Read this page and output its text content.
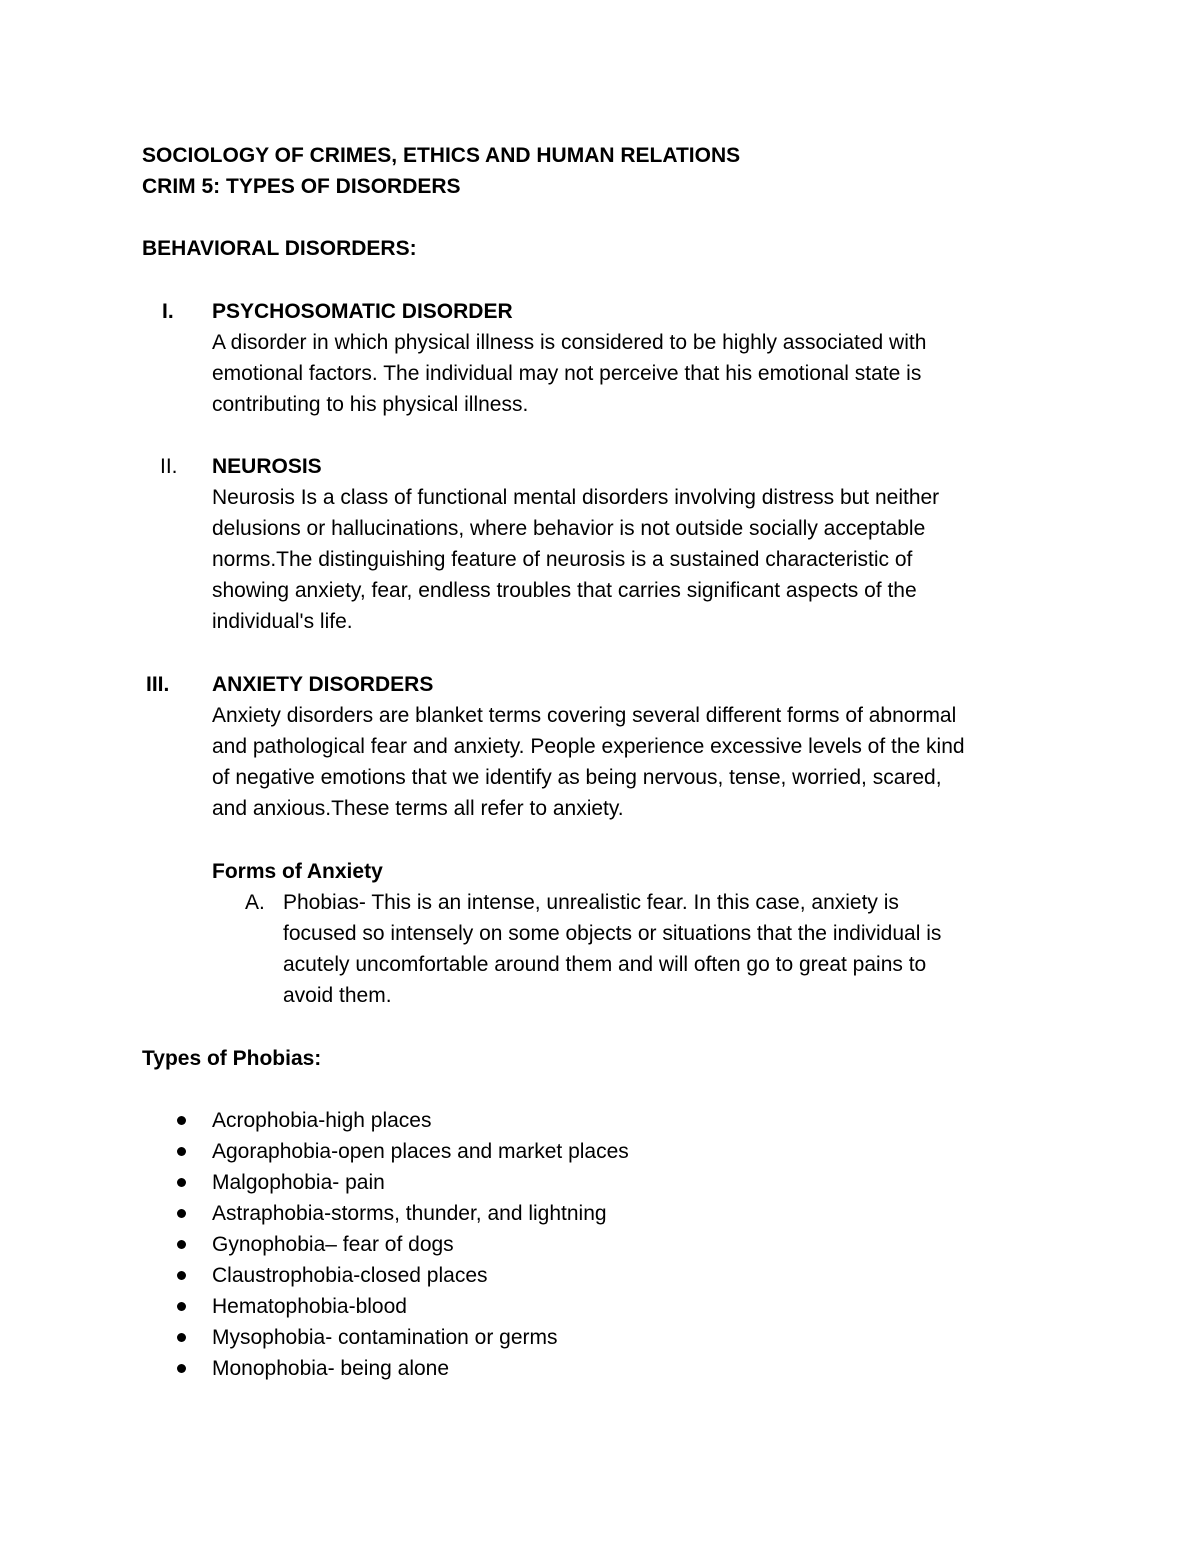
SOCIOLOGY OF CRIMES, ETHICS AND HUMAN RELATIONS
CRIM 5: TYPES OF DISORDERS
BEHAVIORAL DISORDERS:
I. PSYCHOSOMATIC DISORDER
A disorder in which physical illness is considered to be highly associated with
emotional factors. The individual may not perceive that his emotional state is
contributing to his physical illness.
II. NEUROSIS
Neurosis Is a class of functional mental disorders involving distress but neither
delusions or hallucinations, where behavior is not outside socially acceptable
norms.The distinguishing feature of neurosis is a sustained characteristic of
showing anxiety, fear, endless troubles that carries significant aspects of the
individual's life.
III. ANXIETY DISORDERS
Anxiety disorders are blanket terms covering several different forms of abnormal
and pathological fear and anxiety. People experience excessive levels of the kind
of negative emotions that we identify as being nervous, tense, worried, scared,
and anxious.These terms all refer to anxiety.
Forms of Anxiety
A. Phobias- This is an intense, unrealistic fear. In this case, anxiety is
focused so intensely on some objects or situations that the individual is
acutely uncomfortable around them and will often go to great pains to
avoid them.
Types of Phobias:
Acrophobia-high places
Agoraphobia-open places and market places
Malgophobia- pain
Astraphobia-storms, thunder, and lightning
Gynophobia– fear of dogs
Claustrophobia-closed places
Hematophobia-blood
Mysophobia- contamination or germs
Monophobia- being alone
